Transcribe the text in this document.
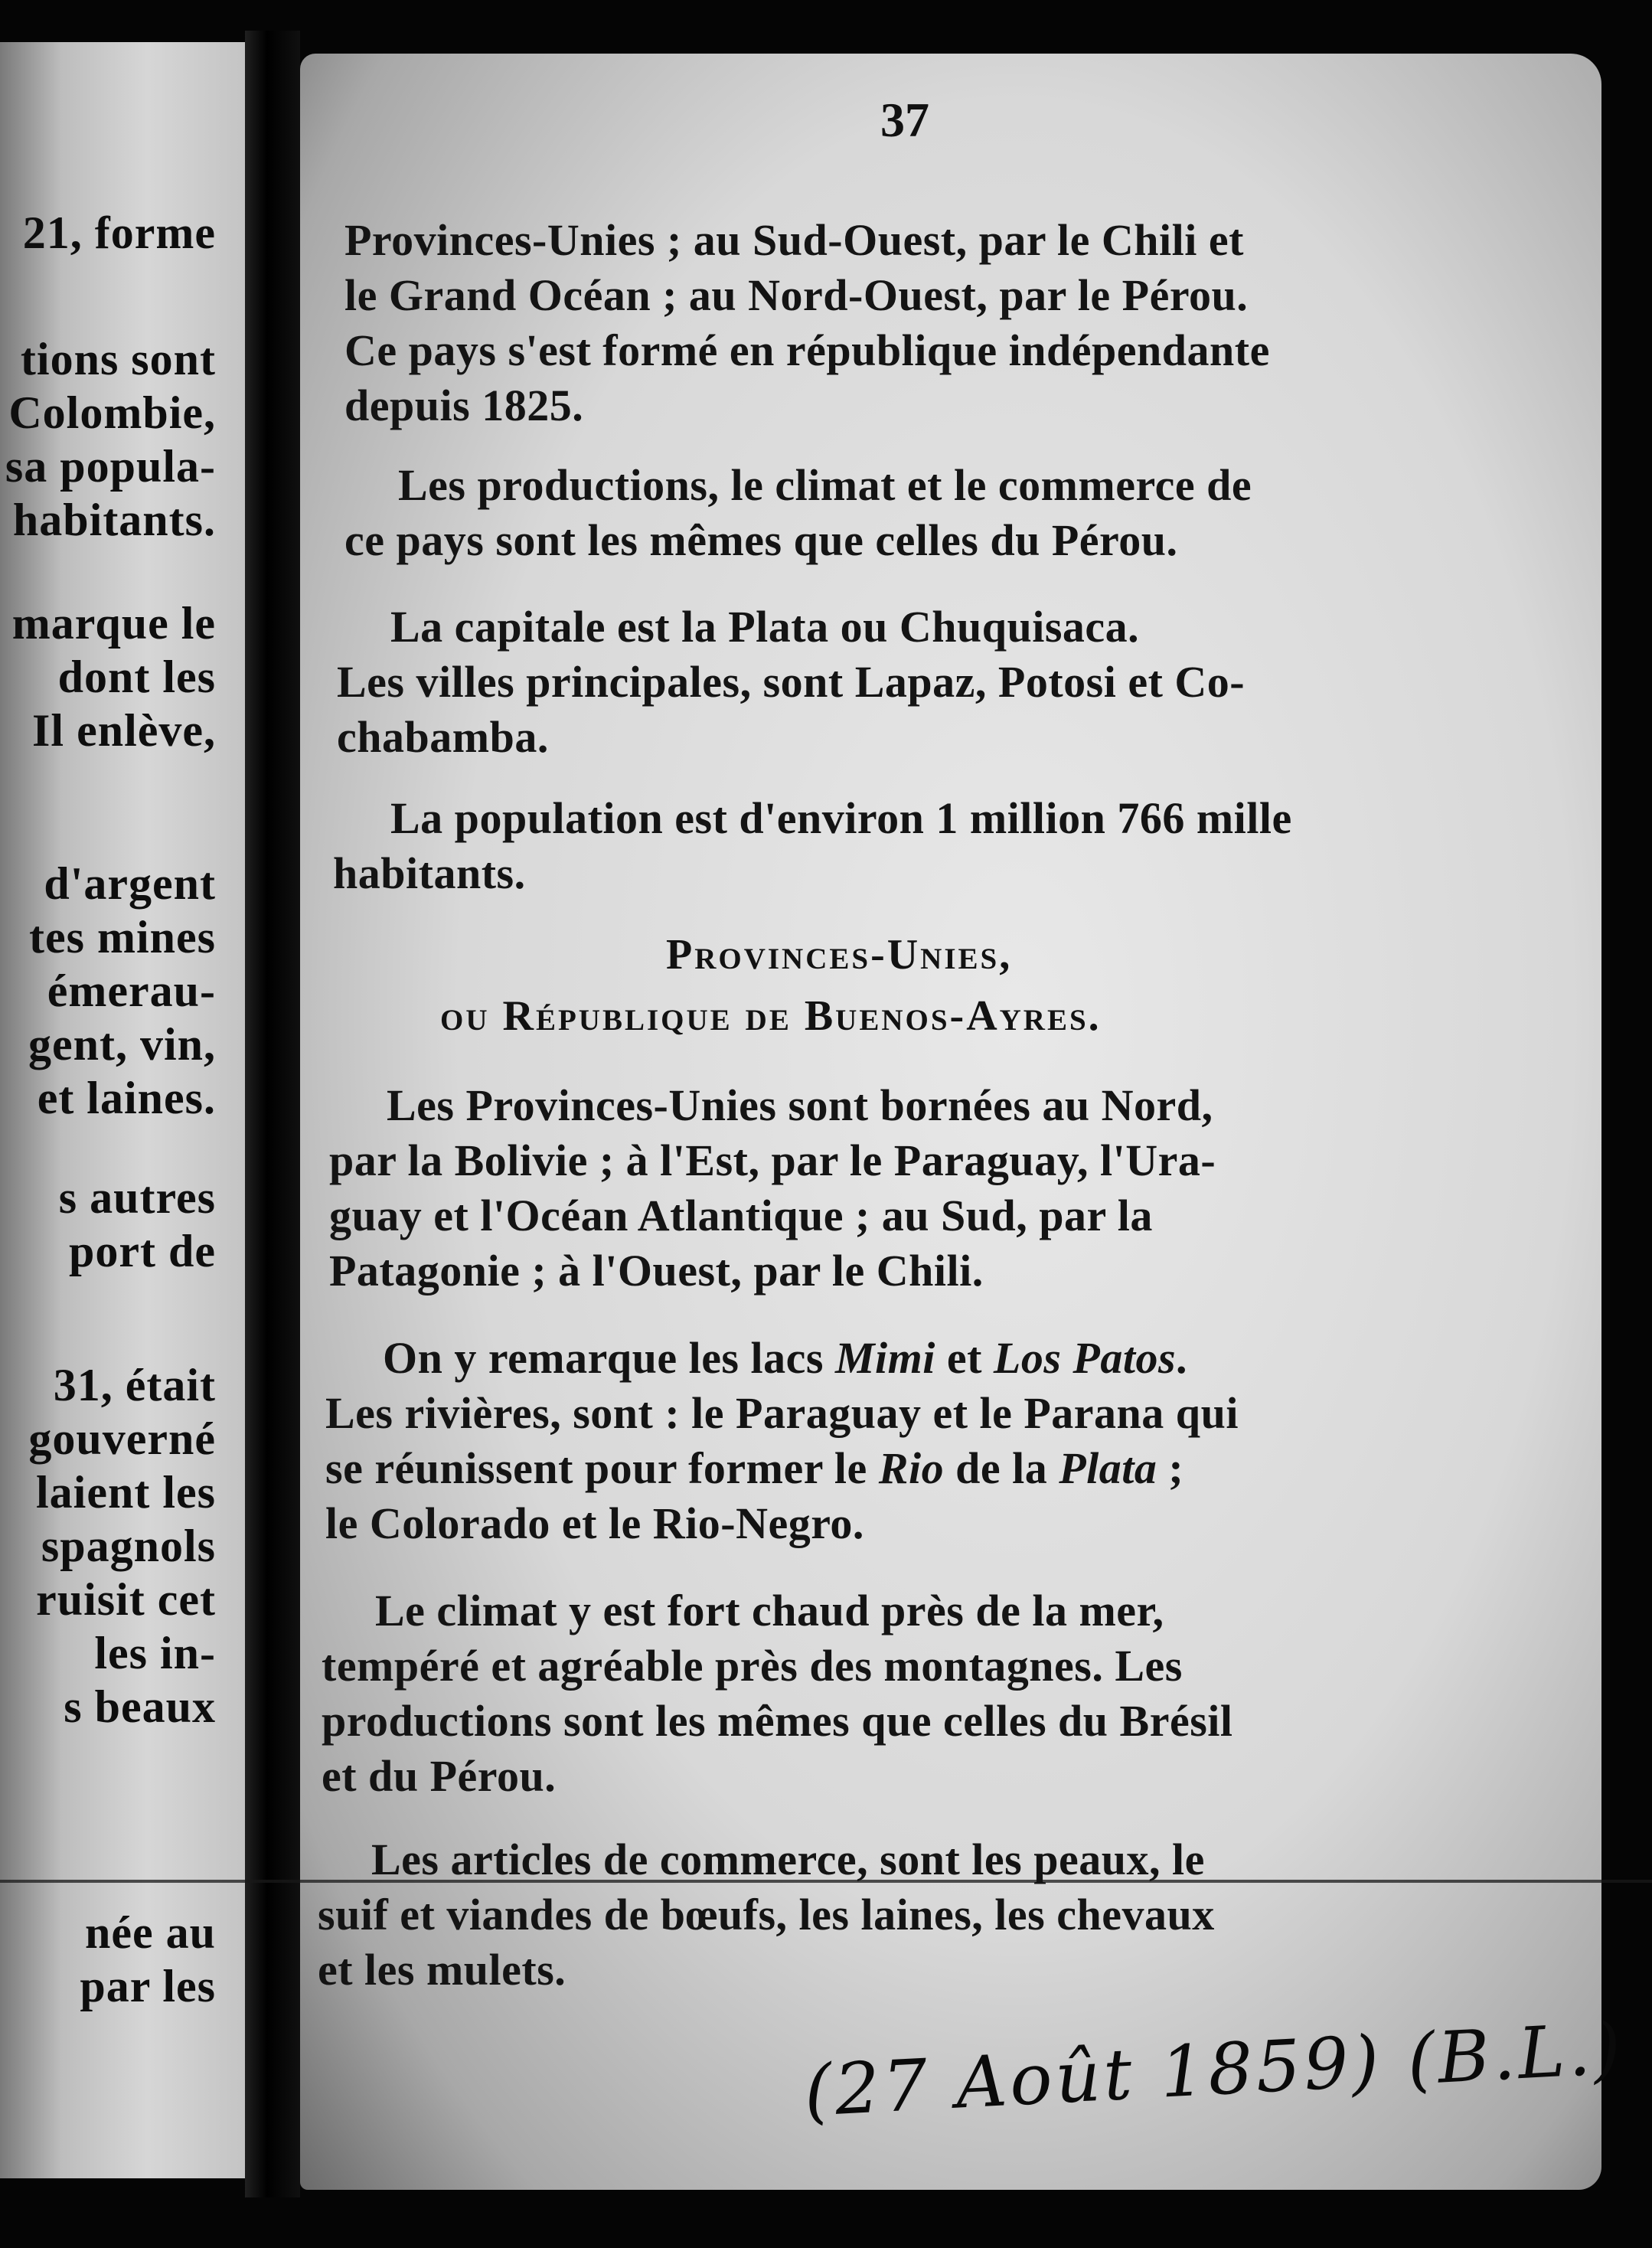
21, forme
tions sont
Colombie,
sa popula-
habitants.
marque le
dont les
Il enlève,
d'argent
tes mines
émerau-
gent, vin,
et laines.
s autres
port de
31, était
gouverné
laient les
spagnols
ruisit cet
les in-
s beaux
née au
par les
37
Provinces-Unies ; au Sud-Ouest, par le Chili et
le Grand Océan ; au Nord-Ouest, par le Pérou.
Ce pays s'est formé en république indépendante
depuis 1825.
Les productions, le climat et le commerce de
ce pays sont les mêmes que celles du Pérou.
La capitale est la Plata ou Chuquisaca.
Les villes principales, sont Lapaz, Potosi et Co-
chabamba.
La population est d'environ 1 million 766 mille
habitants.
Provinces-Unies,
ou République de Buenos-Ayres.
Les Provinces-Unies sont bornées au Nord,
par la Bolivie ; à l'Est, par le Paraguay, l'Ura-
guay et l'Océan Atlantique ; au Sud, par la
Patagonie ; à l'Ouest, par le Chili.
On y remarque les lacs Mimi et Los Patos.
Les rivières, sont : le Paraguay et le Parana qui
se réunissent pour former le Rio de la Plata ;
le Colorado et le Rio-Negro.
Le climat y est fort chaud près de la mer,
tempéré et agréable près des montagnes. Les
productions sont les mêmes que celles du Brésil
et du Pérou.
Les articles de commerce, sont les peaux, le
suif et viandes de bœufs, les laines, les chevaux
et les mulets.
(27 Août 1859) (B.L.)
